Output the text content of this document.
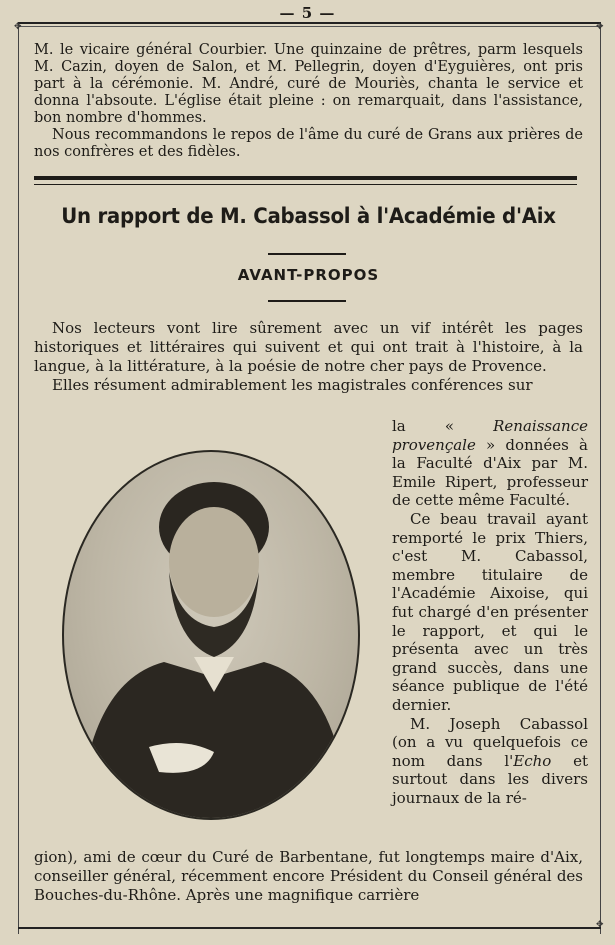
— 5 —
✥	✥
✥

M. le vicaire général Courbier. Une quinzaine de prêtres, parm lesquels M. Cazin, doyen de Salon, et M. Pellegrin, doyen d'Eyguières, ont pris part à la cérémonie. M. André, curé de Mouriès, chanta le service et donna l'absoute. L'église était pleine : on remarquait, dans l'assistance, bon nombre d'hommes.

Nous recommandons le repos de l'âme du curé de Grans aux prières de nos confrères et des fidèles.

Un rapport de M. Cabassol à l'Académie d'Aix
AVANT-PROPOS

Nos lecteurs vont lire sûrement avec un vif intérêt les pages historiques et littéraires qui suivent et qui ont trait à l'histoire, à la langue, à la littérature, à la poésie de notre cher pays de Provence.

Elles résument admirablement les magistrales conférences sur

la « Renaissance provençale » données à la Faculté d'Aix par M. Emile Ripert, professeur de cette même Faculté.

Ce beau travail ayant remporté le prix Thiers, c'est M. Cabassol, membre titulaire de l'Académie Aixoise, qui fut chargé d'en présenter le rapport, et qui le présenta avec un très grand succès, dans une séance publique de l'été dernier.

M. Joseph Cabassol (on a vu quelquefois ce nom dans l'Echo et surtout dans les divers journaux de la ré-

gion), ami de cœur du Curé de Barbentane, fut longtemps maire d'Aix, conseiller général, récemment encore Président du Conseil général des Bouches-du-Rhône. Après une magnifique carrière
